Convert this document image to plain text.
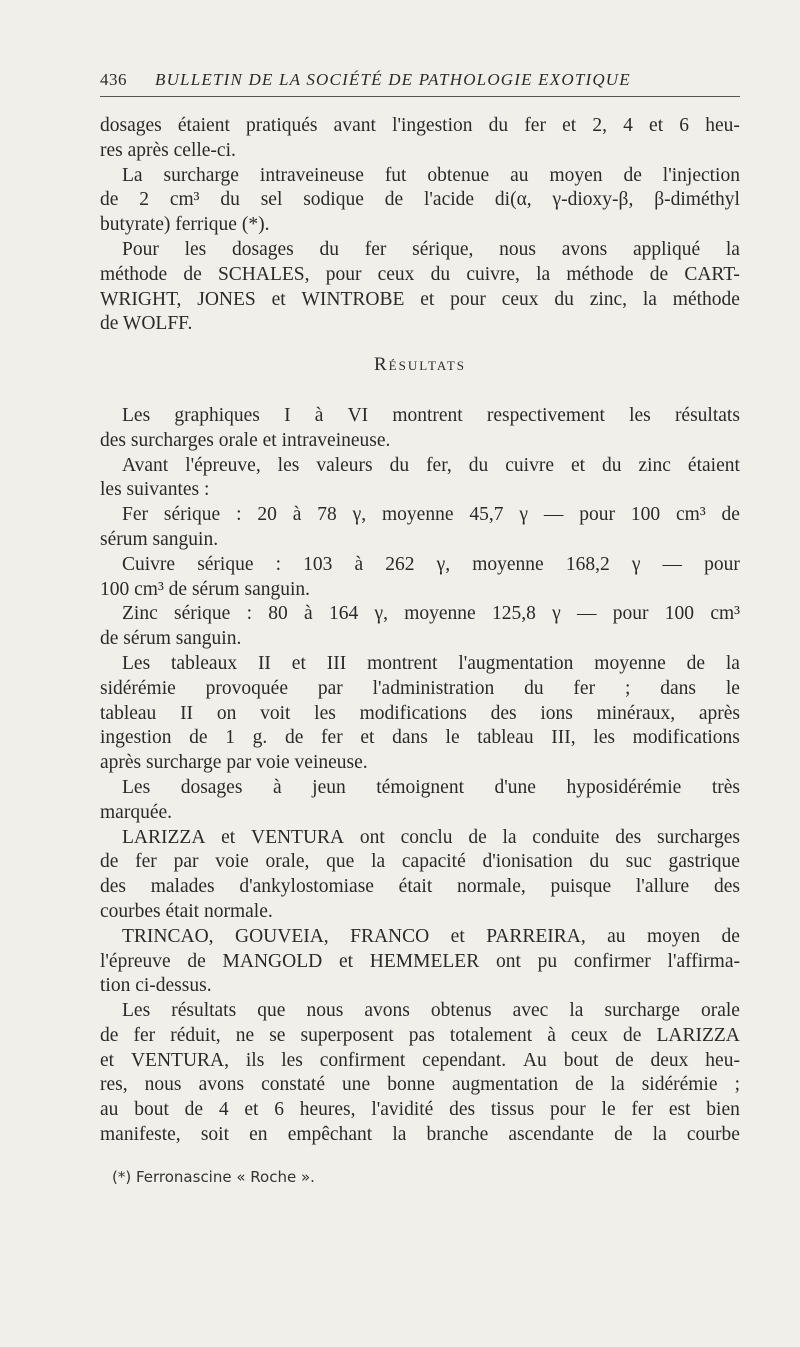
436 BULLETIN DE LA SOCIÉTÉ DE PATHOLOGIE EXOTIQUE
dosages étaient pratiqués avant l'ingestion du fer et 2, 4 et 6 heu-
res après celle-ci.
La surcharge intraveineuse fut obtenue au moyen de l'injection
de 2 cm³ du sel sodique de l'acide di(α, γ-dioxy-β, β-diméthyl
butyrate) ferrique (*).
Pour les dosages du fer sérique, nous avons appliqué la
méthode de SCHALES, pour ceux du cuivre, la méthode de CART-
WRIGHT, JONES et WINTROBE et pour ceux du zinc, la méthode
de WOLFF.
Résultats
Les graphiques I à VI montrent respectivement les résultats
des surcharges orale et intraveineuse.
Avant l'épreuve, les valeurs du fer, du cuivre et du zinc étaient
les suivantes :
Fer sérique : 20 à 78 γ, moyenne 45,7 γ — pour 100 cm³ de
sérum sanguin.
Cuivre sérique : 103 à 262 γ, moyenne 168,2 γ — pour
100 cm³ de sérum sanguin.
Zinc sérique : 80 à 164 γ, moyenne 125,8 γ — pour 100 cm³
de sérum sanguin.
Les tableaux II et III montrent l'augmentation moyenne de la
sidérémie provoquée par l'administration du fer ; dans le
tableau II on voit les modifications des ions minéraux, après
ingestion de 1 g. de fer et dans le tableau III, les modifications
après surcharge par voie veineuse.
Les dosages à jeun témoignent d'une hyposidérémie très
marquée.
LARIZZA et VENTURA ont conclu de la conduite des surcharges
de fer par voie orale, que la capacité d'ionisation du suc gastrique
des malades d'ankylostomiase était normale, puisque l'allure des
courbes était normale.
TRINCAO, GOUVEIA, FRANCO et PARREIRA, au moyen de
l'épreuve de MANGOLD et HEMMELER ont pu confirmer l'affirma-
tion ci-dessus.
Les résultats que nous avons obtenus avec la surcharge orale
de fer réduit, ne se superposent pas totalement à ceux de LARIZZA
et VENTURA, ils les confirment cependant. Au bout de deux heu-
res, nous avons constaté une bonne augmentation de la sidérémie ;
au bout de 4 et 6 heures, l'avidité des tissus pour le fer est bien
manifeste, soit en empêchant la branche ascendante de la courbe
(*) Ferronascine « Roche ».
